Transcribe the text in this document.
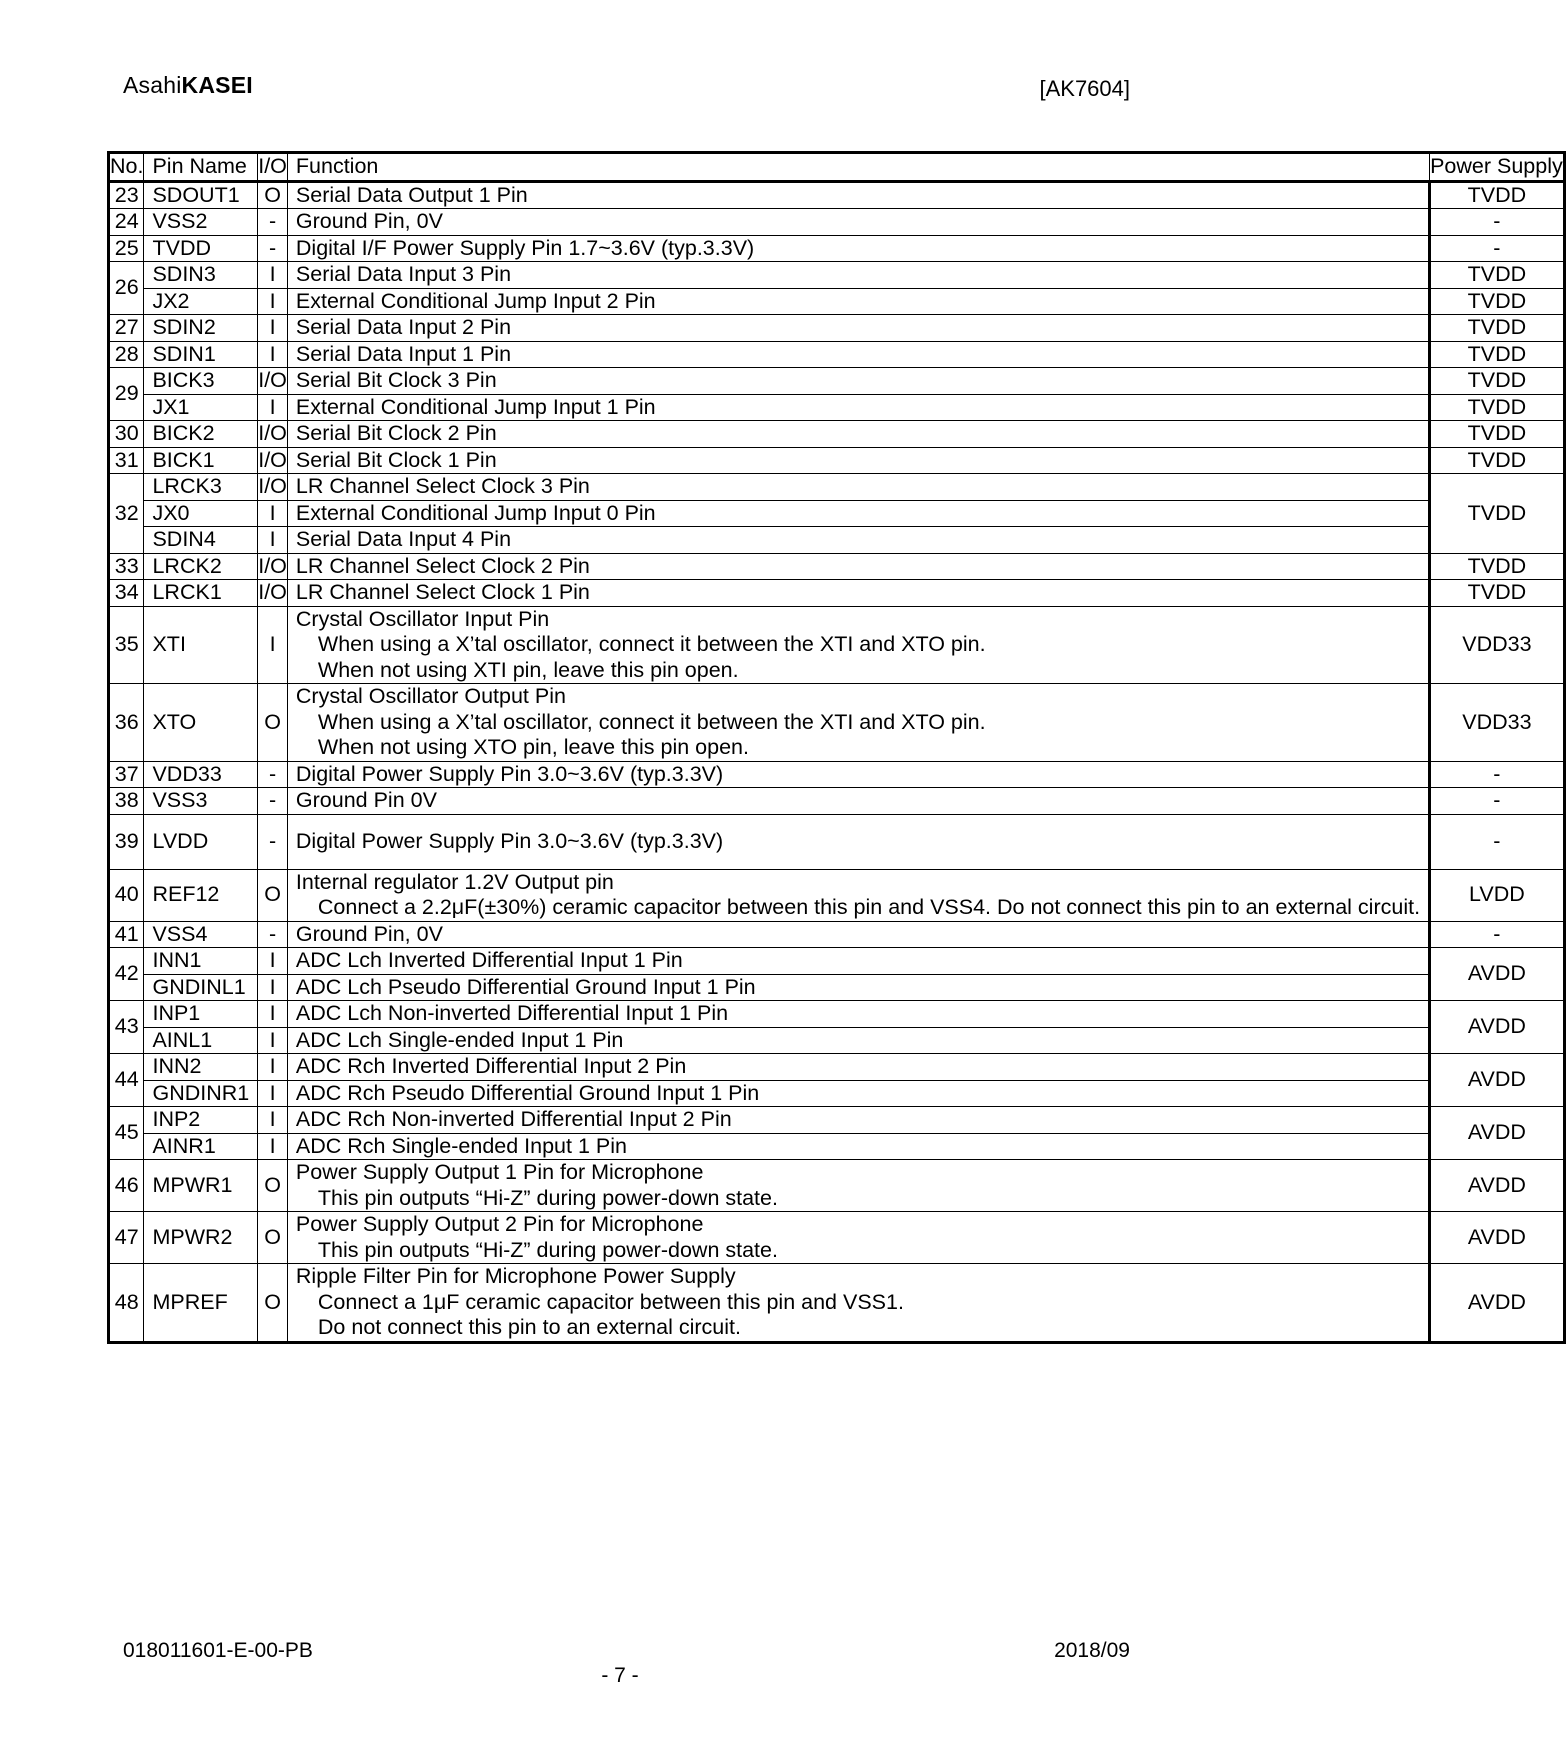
AsahiKASEI	[AK7604]
No.	Pin Name	I/O	Function	Power Supply
23	SDOUT1	O	Serial Data Output 1 Pin	TVDD
24	VSS2	-	Ground Pin, 0V	-
25	TVDD	-	Digital I/F Power Supply Pin 1.7~3.6V (typ.3.3V)	-
26	SDIN3	I	Serial Data Input 3 Pin	TVDD
	JX2	I	External Conditional Jump Input 2 Pin	TVDD
27	SDIN2	I	Serial Data Input 2 Pin	TVDD
28	SDIN1	I	Serial Data Input 1 Pin	TVDD
29	BICK3	I/O	Serial Bit Clock 3 Pin	TVDD
	JX1	I	External Conditional Jump Input 1 Pin	TVDD
30	BICK2	I/O	Serial Bit Clock 2 Pin	TVDD
31	BICK1	I/O	Serial Bit Clock 1 Pin	TVDD
32	LRCK3	I/O	LR Channel Select Clock 3 Pin	TVDD
	JX0	I	External Conditional Jump Input 0 Pin	

	SDIN4	I	Serial Data Input 4 Pin	

33	LRCK2	I/O	LR Channel Select Clock 2 Pin	TVDD
34	LRCK1	I/O	LR Channel Select Clock 1 Pin	TVDD
35	XTI	I	Crystal Oscillator Input Pin
When using a X’tal oscillator, connect it between the XTI and XTO pin.
When not using XTI pin, leave this pin open.	VDD33
36	XTO	O	Crystal Oscillator Output Pin
When using a X’tal oscillator, connect it between the XTI and XTO pin.
When not using XTO pin, leave this pin open.	VDD33
37	VDD33	-	Digital Power Supply Pin 3.0~3.6V (typ.3.3V)	-
38	VSS3	-	Ground Pin 0V	-
39	LVDD	-	Digital Power Supply Pin 3.0~3.6V (typ.3.3V)	-
40	REF12	O	Internal regulator 1.2V Output pin
Connect a 2.2μF(±30%) ceramic capacitor between this pin and VSS4. Do not connect this pin to an external circuit.	LVDD
41	VSS4	-	Ground Pin, 0V	-
42	INN1	I	ADC Lch Inverted Differential Input 1 Pin	AVDD
	GNDINL1	I	ADC Lch Pseudo Differential Ground Input 1 Pin	

43	INP1	I	ADC Lch Non-inverted Differential Input 1 Pin	AVDD
	AINL1	I	ADC Lch Single-ended Input 1 Pin	

44	INN2	I	ADC Rch Inverted Differential Input 2 Pin	AVDD
	GNDINR1	I	ADC Rch Pseudo Differential Ground Input 1 Pin	

45	INP2	I	ADC Rch Non-inverted Differential Input 2 Pin	AVDD
	AINR1	I	ADC Rch Single-ended Input 1 Pin	

46	MPWR1	O	Power Supply Output 1 Pin for Microphone
This pin outputs “Hi-Z” during power-down state.	AVDD
47	MPWR2	O	Power Supply Output 2 Pin for Microphone
This pin outputs “Hi-Z” during power-down state.	AVDD
48	MPREF	O	Ripple Filter Pin for Microphone Power Supply
Connect a 1μF ceramic capacitor between this pin and VSS1.
Do not connect this pin to an external circuit.	AVDD
018011601-E-00-PB	2018/09
- 7 -
